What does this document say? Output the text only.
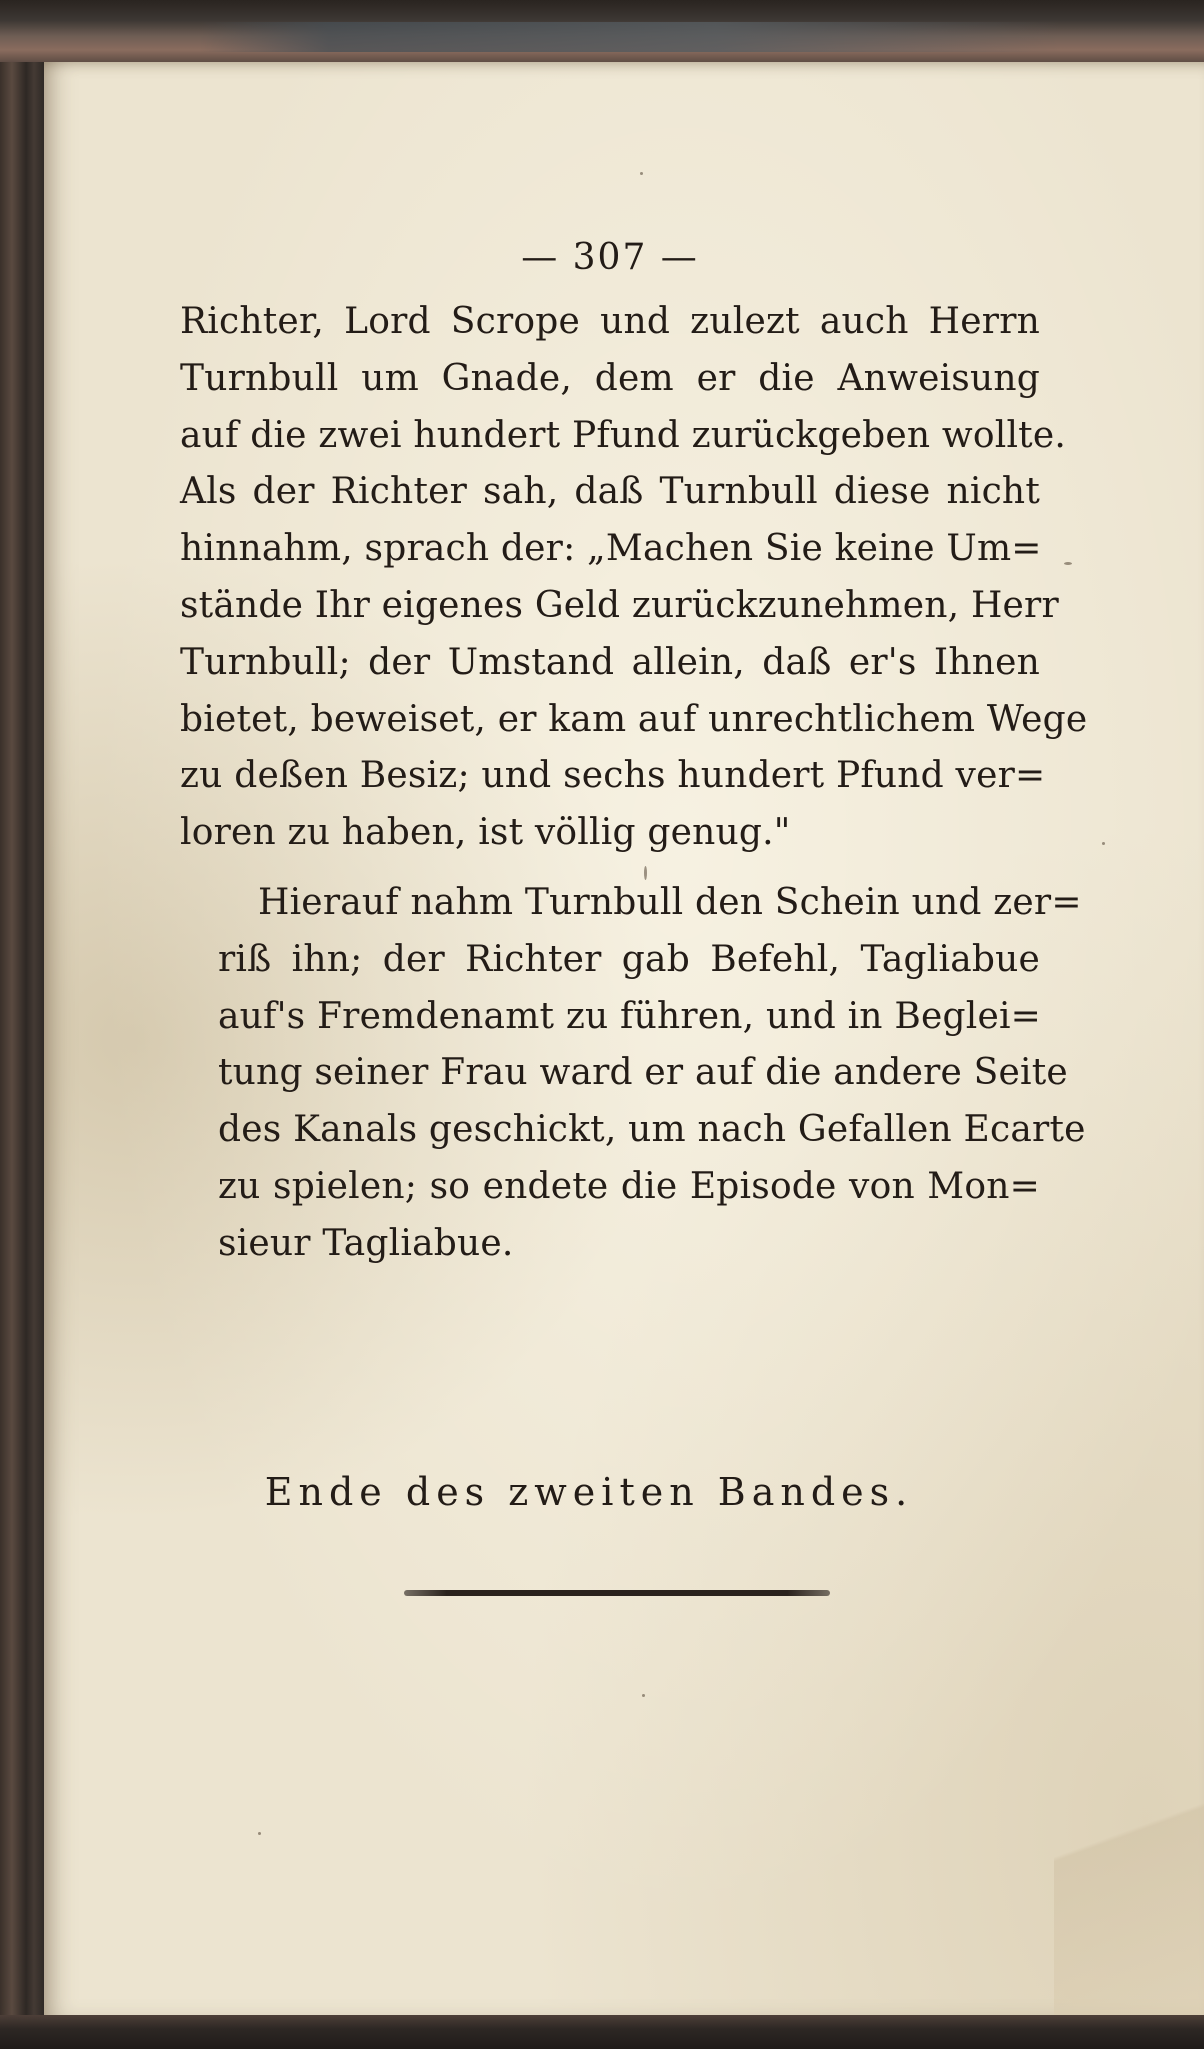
— 307 —

Richter, Lord Scrope und zulezt auch Herrn
Turnbull um Gnade, dem er die Anweisung
auf die zwei hundert Pfund zurückgeben wollte.
Als der Richter sah, daß Turnbull diese nicht
hinnahm, sprach der: „Machen Sie keine Um=
stände Ihr eigenes Geld zurückzunehmen, Herr
Turnbull; der Umstand allein, daß er's Ihnen
bietet, beweiset, er kam auf unrechtlichem Wege
zu deßen Besiz; und sechs hundert Pfund ver=
loren zu haben, ist völlig genug."

Hierauf nahm Turnbull den Schein und zer=
riß ihn; der Richter gab Befehl, Tagliabue
auf's Fremdenamt zu führen, und in Beglei=
tung seiner Frau ward er auf die andere Seite
des Kanals geschickt, um nach Gefallen Ecarte
zu spielen; so endete die Episode von Mon=
sieur Tagliabue.

Ende des zweiten Bandes.
